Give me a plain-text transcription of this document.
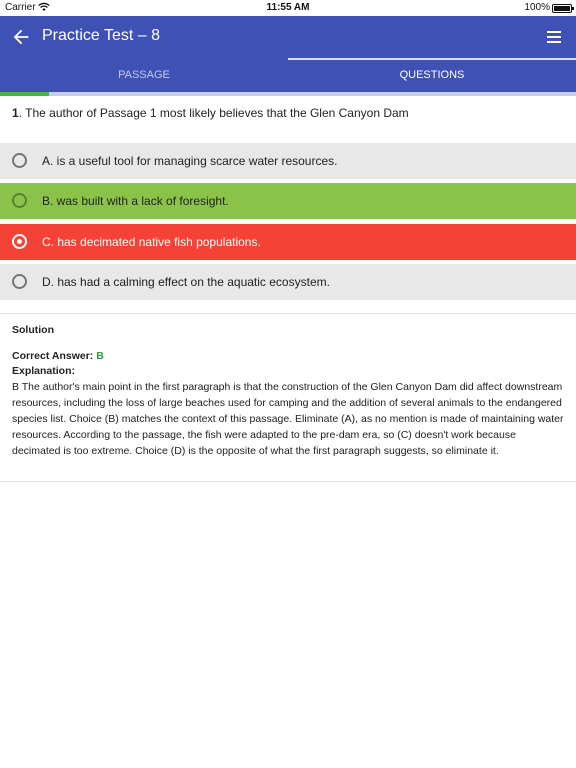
Carrier	11:55 AM	100%
Practice Test – 8
PASSAGE	QUESTIONS
1. The author of Passage 1 most likely believes that the Glen Canyon Dam
A. is a useful tool for managing scarce water resources.
B. was built with a lack of foresight.
C. has decimated native fish populations.
D. has had a calming effect on the aquatic ecosystem.
Solution
Correct Answer: B
Explanation:
B The author's main point in the first paragraph is that the construction of the Glen Canyon Dam did affect downstream resources, including the loss of large beaches used for camping and the addition of several animals to the endangered species list. Choice (B) matches the context of this passage. Eliminate (A), as no mention is made of maintaining water resources. According to the passage, the fish were adapted to the pre-dam era, so (C) doesn't work because decimated is too extreme. Choice (D) is the opposite of what the first paragraph suggests, so eliminate it.
